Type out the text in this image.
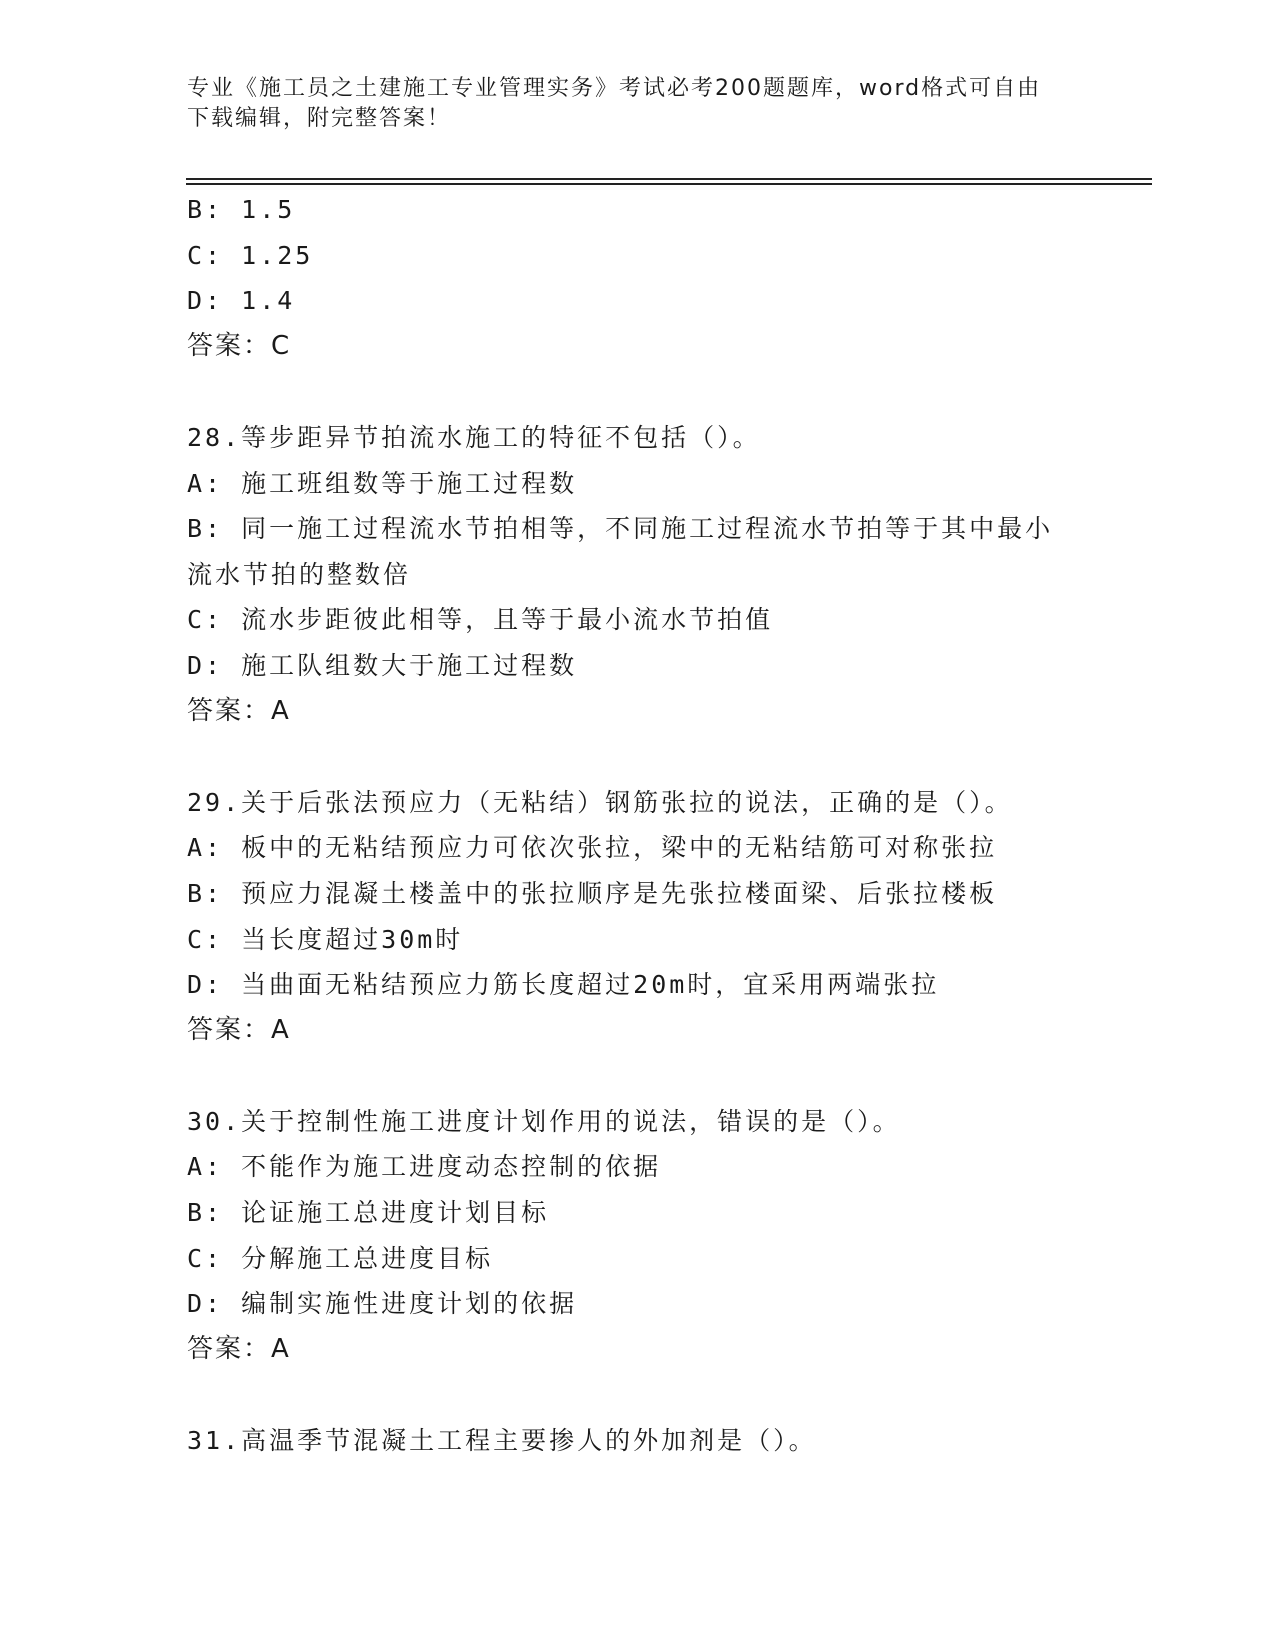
专业《施工员之土建施工专业管理实务》考试必考200题题库，word格式可自由
下载编辑，附完整答案！
B: 1.5
C: 1.25
D: 1.4
答案：C
28.等步距异节拍流水施工的特征不包括（）。
A: 施工班组数等于施工过程数
B: 同一施工过程流水节拍相等，不同施工过程流水节拍等于其中最小
流水节拍的整数倍
C: 流水步距彼此相等，且等于最小流水节拍值
D: 施工队组数大于施工过程数
答案：A
29.关于后张法预应力（无粘结）钢筋张拉的说法，正确的是（）。
A: 板中的无粘结预应力可依次张拉，梁中的无粘结筋可对称张拉
B: 预应力混凝土楼盖中的张拉顺序是先张拉楼面梁、后张拉楼板
C: 当长度超过30m时
D: 当曲面无粘结预应力筋长度超过20m时，宜采用两端张拉
答案：A
30.关于控制性施工进度计划作用的说法，错误的是（）。
A: 不能作为施工进度动态控制的依据
B: 论证施工总进度计划目标
C: 分解施工总进度目标
D: 编制实施性进度计划的依据
答案：A
31.高温季节混凝土工程主要掺人的外加剂是（）。
